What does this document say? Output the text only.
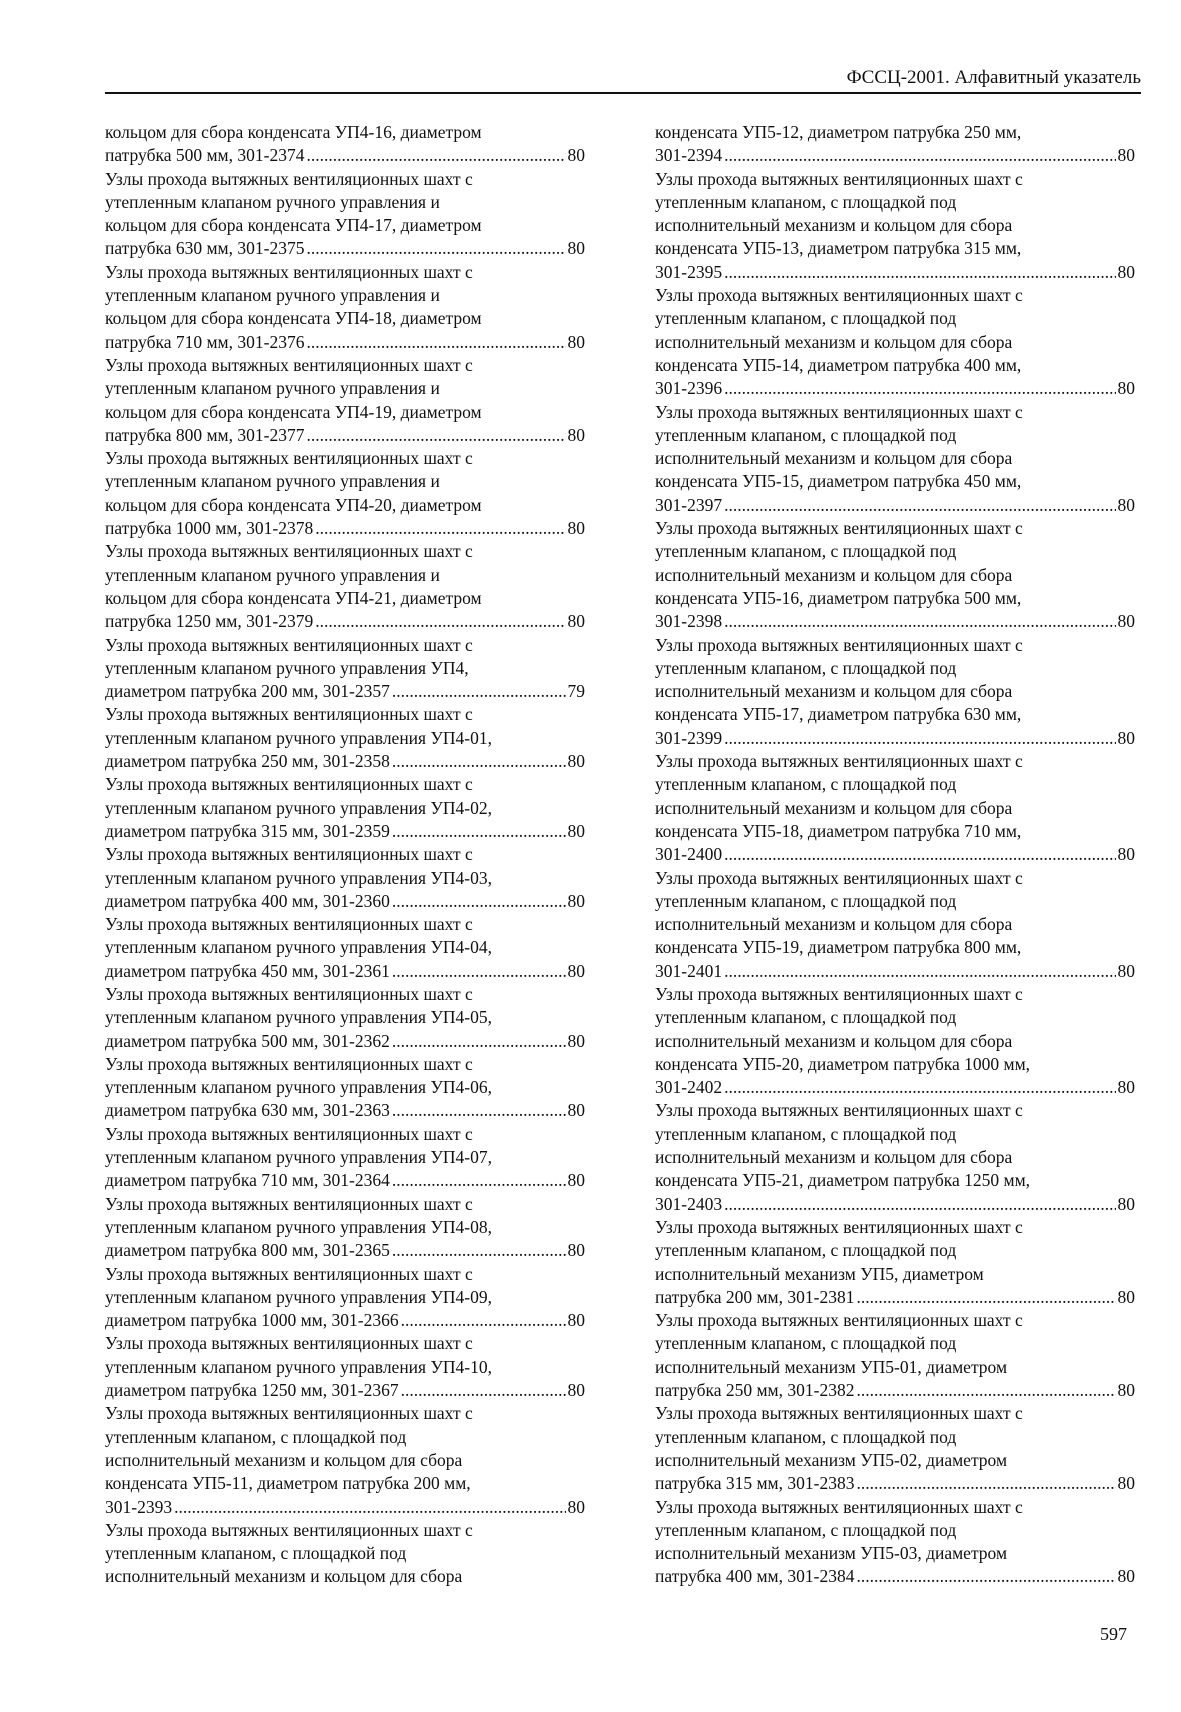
ФССЦ-2001. Алфавитный указатель
кольцом для сбора конденсата УП4-16, диаметром
патрубка 500 мм, 301-2374 .....	80
Узлы прохода вытяжных вентиляционных шахт с
утепленным клапаном ручного управления и
кольцом для сбора конденсата УП4-17, диаметром
патрубка 630 мм, 301-2375 .....	80
Узлы прохода вытяжных вентиляционных шахт с
утепленным клапаном ручного управления и
кольцом для сбора конденсата УП4-18, диаметром
патрубка 710 мм, 301-2376 .....	80
Узлы прохода вытяжных вентиляционных шахт с
утепленным клапаном ручного управления и
кольцом для сбора конденсата УП4-19, диаметром
патрубка 800 мм, 301-2377 .....	80
Узлы прохода вытяжных вентиляционных шахт с
утепленным клапаном ручного управления и
кольцом для сбора конденсата УП4-20, диаметром
патрубка 1000 мм, 301-2378 .....	80
Узлы прохода вытяжных вентиляционных шахт с
утепленным клапаном ручного управления и
кольцом для сбора конденсата УП4-21, диаметром
патрубка 1250 мм, 301-2379 .....	80
Узлы прохода вытяжных вентиляционных шахт с
утепленным клапаном ручного управления УП4,
диаметром патрубка 200 мм, 301-2357 .....	79
Узлы прохода вытяжных вентиляционных шахт с
утепленным клапаном ручного управления УП4-01,
диаметром патрубка 250 мм, 301-2358 .....	80
Узлы прохода вытяжных вентиляционных шахт с
утепленным клапаном ручного управления УП4-02,
диаметром патрубка 315 мм, 301-2359 .....	80
Узлы прохода вытяжных вентиляционных шахт с
утепленным клапаном ручного управления УП4-03,
диаметром патрубка 400 мм, 301-2360 .....	80
Узлы прохода вытяжных вентиляционных шахт с
утепленным клапаном ручного управления УП4-04,
диаметром патрубка 450 мм, 301-2361 .....	80
Узлы прохода вытяжных вентиляционных шахт с
утепленным клапаном ручного управления УП4-05,
диаметром патрубка 500 мм, 301-2362 .....	80
Узлы прохода вытяжных вентиляционных шахт с
утепленным клапаном ручного управления УП4-06,
диаметром патрубка 630 мм, 301-2363 .....	80
Узлы прохода вытяжных вентиляционных шахт с
утепленным клапаном ручного управления УП4-07,
диаметром патрубка 710 мм, 301-2364 .....	80
Узлы прохода вытяжных вентиляционных шахт с
утепленным клапаном ручного управления УП4-08,
диаметром патрубка 800 мм, 301-2365 .....	80
Узлы прохода вытяжных вентиляционных шахт с
утепленным клапаном ручного управления УП4-09,
диаметром патрубка 1000 мм, 301-2366 .....	80
Узлы прохода вытяжных вентиляционных шахт с
утепленным клапаном ручного управления УП4-10,
диаметром патрубка 1250 мм, 301-2367 .....	80
Узлы прохода вытяжных вентиляционных шахт с
утепленным клапаном, с площадкой под
исполнительный механизм и кольцом для сбора
конденсата УП5-11, диаметром патрубка 200 мм,
301-2393 .....	80
Узлы прохода вытяжных вентиляционных шахт с
утепленным клапаном, с площадкой под
исполнительный механизм и кольцом для сбора
конденсата УП5-12, диаметром патрубка 250 мм,
301-2394 .....	80
Узлы прохода вытяжных вентиляционных шахт с
утепленным клапаном, с площадкой под
исполнительный механизм и кольцом для сбора
конденсата УП5-13, диаметром патрубка 315 мм,
301-2395 .....	80
Узлы прохода вытяжных вентиляционных шахт с
утепленным клапаном, с площадкой под
исполнительный механизм и кольцом для сбора
конденсата УП5-14, диаметром патрубка 400 мм,
301-2396 .....	80
Узлы прохода вытяжных вентиляционных шахт с
утепленным клапаном, с площадкой под
исполнительный механизм и кольцом для сбора
конденсата УП5-15, диаметром патрубка 450 мм,
301-2397 .....	80
Узлы прохода вытяжных вентиляционных шахт с
утепленным клапаном, с площадкой под
исполнительный механизм и кольцом для сбора
конденсата УП5-16, диаметром патрубка 500 мм,
301-2398 .....	80
Узлы прохода вытяжных вентиляционных шахт с
утепленным клапаном, с площадкой под
исполнительный механизм и кольцом для сбора
конденсата УП5-17, диаметром патрубка 630 мм,
301-2399 .....	80
Узлы прохода вытяжных вентиляционных шахт с
утепленным клапаном, с площадкой под
исполнительный механизм и кольцом для сбора
конденсата УП5-18, диаметром патрубка 710 мм,
301-2400 .....	80
Узлы прохода вытяжных вентиляционных шахт с
утепленным клапаном, с площадкой под
исполнительный механизм и кольцом для сбора
конденсата УП5-19, диаметром патрубка 800 мм,
301-2401 .....	80
Узлы прохода вытяжных вентиляционных шахт с
утепленным клапаном, с площадкой под
исполнительный механизм и кольцом для сбора
конденсата УП5-20, диаметром патрубка 1000 мм,
301-2402 .....	80
Узлы прохода вытяжных вентиляционных шахт с
утепленным клапаном, с площадкой под
исполнительный механизм и кольцом для сбора
конденсата УП5-21, диаметром патрубка 1250 мм,
301-2403 .....	80
Узлы прохода вытяжных вентиляционных шахт с
утепленным клапаном, с площадкой под
исполнительный механизм УП5, диаметром
патрубка 200 мм, 301-2381 .....	80
Узлы прохода вытяжных вентиляционных шахт с
утепленным клапаном, с площадкой под
исполнительный механизм УП5-01, диаметром
патрубка 250 мм, 301-2382 .....	80
Узлы прохода вытяжных вентиляционных шахт с
утепленным клапаном, с площадкой под
исполнительный механизм УП5-02, диаметром
патрубка 315 мм, 301-2383 .....	80
Узлы прохода вытяжных вентиляционных шахт с
утепленным клапаном, с площадкой под
исполнительный механизм УП5-03, диаметром
патрубка 400 мм, 301-2384 .....	80
597
